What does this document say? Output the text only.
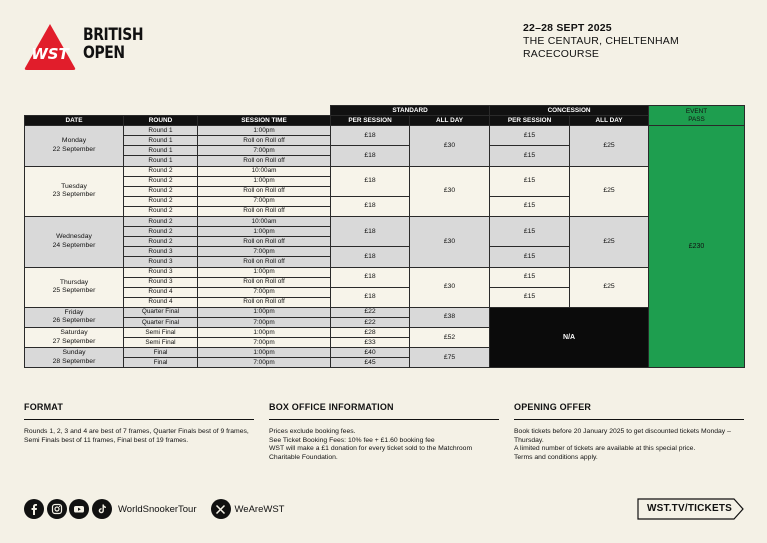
WST
BRITISH
OPEN
22–28 SEPT 2025
THE CENTAUR, CHELTENHAM RACECOURSE
			STANDARD		CONCESSION		EVENT
PASS

DATE	ROUND	SESSION TIME	PER SESSION	ALL DAY	PER SESSION	ALL DAY	

Monday
22 September	Round 1	1:00pm	£18	£30	£15	£25	£230
	Round 1	Roll on Roll off					
	Round 1	7:00pm	£18		£15		
	Round 1	Roll on Roll off					

Tuesday
23 September	Round 2	10:00am	£18	£30	£15	£25	
	Round 2	1:00pm					
	Round 2	Roll on Roll off					
	Round 2	7:00pm	£18		£15		
	Round 2	Roll on Roll off					

Wednesday
24 September	Round 2	10:00am	£18	£30	£15	£25	
	Round 2	1:00pm					
	Round 2	Roll on Roll off					
	Round 3	7:00pm	£18		£15		
	Round 3	Roll on Roll off					

Thursday
25 September	Round 3	1:00pm	£18	£30	£15	£25	
	Round 3	Roll on Roll off					
	Round 4	7:00pm	£18		£15		
	Round 4	Roll on Roll off					

Friday
26 September	Quarter Final	1:00pm	£22	£38	N/A		
	Quarter Final	7:00pm	£22				

Saturday
27 September	Semi Final	1:00pm	£28	£52			
	Semi Final	7:00pm	£33				

Sunday
28 September	Final	1:00pm	£40	£75			
	Final	7:00pm	£45				
FORMAT

Rounds 1, 2, 3 and 4 are best of 7 frames, Quarter Finals best of 9 frames, Semi Finals best of 11 frames, Final best of 19 frames.

BOX OFFICE INFORMATION

Prices exclude booking fees.

See Ticket Booking Fees: 10% fee + £1.60 booking fee

WST will make a £1 donation for every ticket sold to the Matchroom Charitable Foundation.

OPENING OFFER

Book tickets before 20 January 2025 to get discounted tickets Monday – Thursday.

A limited number of tickets are available at this special price.

Terms and conditions apply.

WorldSnookerTour	WeAreWST	WST.TV/TICKETS
